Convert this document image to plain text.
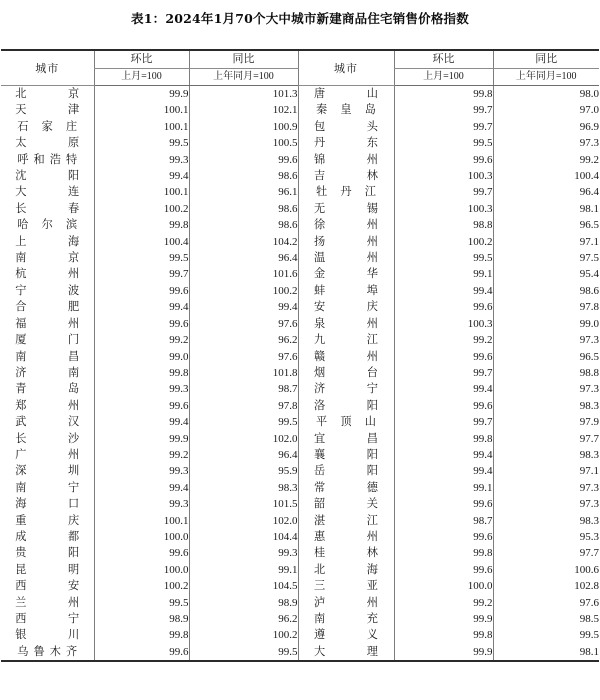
表1：2024年1月70个大中城市新建商品住宅销售价格指数
城市	环比	同比	城市	环比	同比
	上月=100	上年同月=100		上月=100	上年同月=100
北京	99.9	101.3	唐山	99.8	98.0
天津	100.1	102.1	秦皇岛	99.7	97.0
石家庄	100.1	100.9	包头	99.7	96.9
太原	99.5	100.5	丹东	99.5	97.3
呼和浩特	99.3	99.6	锦州	99.6	99.2
沈阳	99.4	98.6	吉林	100.3	100.4
大连	100.1	96.1	牡丹江	99.7	96.4
长春	100.2	98.6	无锡	100.3	98.1
哈尔滨	99.8	98.6	徐州	98.8	96.5
上海	100.4	104.2	扬州	100.2	97.1
南京	99.5	96.4	温州	99.5	97.5
杭州	99.7	101.6	金华	99.1	95.4
宁波	99.6	100.2	蚌埠	99.4	98.6
合肥	99.4	99.4	安庆	99.6	97.8
福州	99.6	97.6	泉州	100.3	99.0
厦门	99.2	96.2	九江	99.2	97.3
南昌	99.0	97.6	赣州	99.6	96.5
济南	99.8	101.8	烟台	99.7	98.8
青岛	99.3	98.7	济宁	99.4	97.3
郑州	99.6	97.8	洛阳	99.6	98.3
武汉	99.4	99.5	平顶山	99.7	97.9
长沙	99.9	102.0	宜昌	99.8	97.7
广州	99.2	96.4	襄阳	99.4	98.3
深圳	99.3	95.9	岳阳	99.4	97.1
南宁	99.4	98.3	常德	99.1	97.3
海口	99.3	101.5	韶关	99.6	97.3
重庆	100.1	102.0	湛江	98.7	98.3
成都	100.0	104.4	惠州	99.6	95.3
贵阳	99.6	99.3	桂林	99.8	97.7
昆明	100.0	99.1	北海	99.6	100.6
西安	100.2	104.5	三亚	100.0	102.8
兰州	99.5	98.9	泸州	99.2	97.6
西宁	98.9	96.2	南充	99.9	98.5
银川	99.8	100.2	遵义	99.8	99.5
乌鲁木齐	99.6	99.5	大理	99.9	98.1
